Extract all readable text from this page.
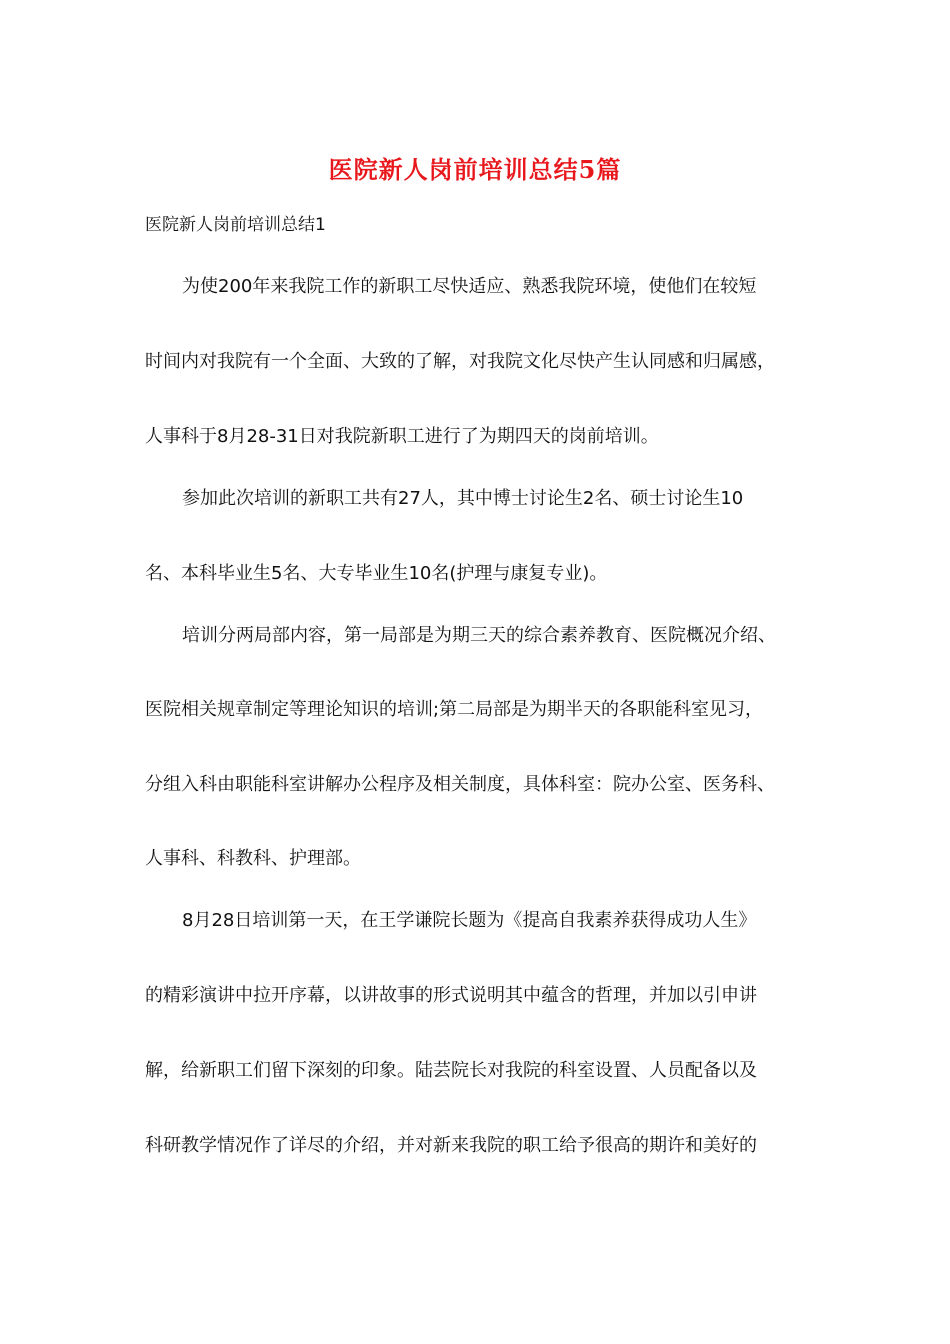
医院新人岗前培训总结5篇
医院新人岗前培训总结1
为使200年来我院工作的新职工尽快适应、熟悉我院环境，使他们在较短
时间内对我院有一个全面、大致的了解，对我院文化尽快产生认同感和归属感，
人事科于8月28-31日对我院新职工进行了为期四天的岗前培训。
参加此次培训的新职工共有27人，其中博士讨论生2名、硕士讨论生10
名、本科毕业生5名、大专毕业生10名(护理与康复专业)。
培训分两局部内容，第一局部是为期三天的综合素养教育、医院概况介绍、
医院相关规章制定等理论知识的培训;第二局部是为期半天的各职能科室见习，
分组入科由职能科室讲解办公程序及相关制度，具体科室：院办公室、医务科、
人事科、科教科、护理部。
8月28日培训第一天，在王学谦院长题为《提高自我素养获得成功人生》
的精彩演讲中拉开序幕，以讲故事的形式说明其中蕴含的哲理，并加以引申讲
解，给新职工们留下深刻的印象。陆芸院长对我院的科室设置、人员配备以及
科研教学情况作了详尽的介绍，并对新来我院的职工给予很高的期许和美好的
